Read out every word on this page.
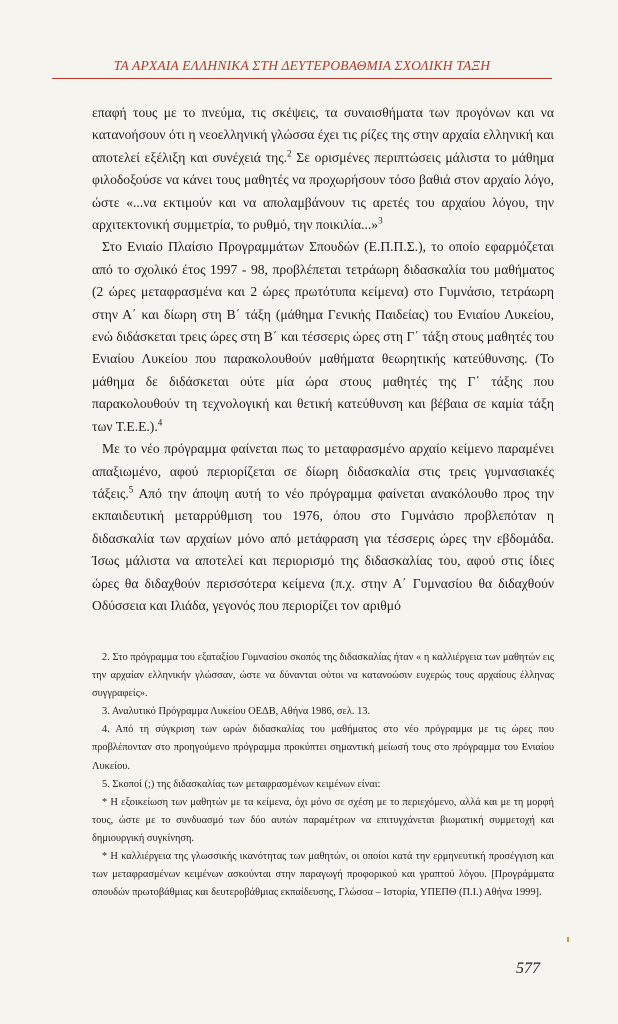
ΤΑ ΑΡΧΑΙΑ ΕΛΛΗΝΙΚΑ ΣΤΗ ΔΕΥΤΕΡΟΒΑΘΜΙΑ ΣΧΟΛΙΚΗ ΤΑΞΗ

επαφή τους με το πνεύμα, τις σκέψεις, τα συναισθήματα των προγόνων και να κατανοήσουν ότι η νεοελληνική γλώσσα έχει τις ρίζες της στην αρχαία ελληνική και αποτελεί εξέλιξη και συνέχειά της.$^2$ Σε ορισμένες περιπτώσεις μάλιστα το μάθημα φιλοδοξούσε να κάνει τους μαθητές να προχωρήσουν τόσο βαθιά στον αρχαίο λόγο, ώστε «...να εκτιμούν και να απολαμβάνουν τις αρετές του αρχαίου λόγου, την αρχιτεκτονική συμμετρία, το ρυθμό, την ποικιλία...»$^3$

Στο Ενιαίο Πλαίσιο Προγραμμάτων Σπουδών (Ε.Π.Π.Σ.), το οποίο εφαρμόζεται από το σχολικό έτος 1997 - 98, προβλέπεται τετράωρη διδασκαλία του μαθήματος (2 ώρες μεταφρασμένα και 2 ώρες πρωτότυπα κείμενα) στο Γυμνάσιο, τετράωρη στην Α΄ και δίωρη στη Β΄ τάξη (μάθημα Γενικής Παιδείας) του Ενιαίου Λυκείου, ενώ διδάσκεται τρεις ώρες στη Β΄ και τέσσερις ώρες στη Γ΄ τάξη στους μαθητές του Ενιαίου Λυκείου που παρακολουθούν μαθήματα θεωρητικής κατεύθυνσης. (Το μάθημα δε διδάσκεται ούτε μία ώρα στους μαθητές της Γ΄ τάξης που παρακολουθούν τη τεχνολογική και θετική κατεύθυνση και βέβαια σε καμία τάξη των Τ.Ε.Ε.).$^4$

Με το νέο πρόγραμμα φαίνεται πως το μεταφρασμένο αρχαίο κείμενο παραμένει απαξιωμένο, αφού περιορίζεται σε δίωρη διδασκαλία στις τρεις γυμνασιακές τάξεις.$^5$ Από την άποψη αυτή το νέο πρόγραμμα φαίνεται ανακόλουθο προς την εκπαιδευτική μεταρρύθμιση του 1976, όπου στο Γυμνάσιο προβλεπόταν η διδασκαλία των αρχαίων μόνο από μετάφραση για τέσσερις ώρες την εβδομάδα. Ίσως μάλιστα να αποτελεί και περιορισμό της διδασκαλίας του, αφού στις ίδιες ώρες θα διδαχθούν περισσότερα κείμενα (π.χ. στην Α΄ Γυμνασίου θα διδαχθούν Οδύσσεια και Ιλιάδα, γεγονός που περιορίζει τον αριθμό

2. Στο πρόγραμμα του εξαταξίου Γυμνασίου σκοπός της διδασκαλίας ήταν « η καλλιέργεια των μαθητών εις την αρχαίαν ελληνικήν γλώσσαν, ώστε να δύνανται ούτοι να κατανοώσιν ευχερώς τους αρχαίους έλληνας συγγραφείς».

3. Αναλυτικό Πρόγραμμα Λυκείου ΟΕΔΒ, Αθήνα 1986, σελ. 13.

4. Από τη σύγκριση των ωρών διδασκαλίας του μαθήματος στο νέο πρόγραμμα με τις ώρες που προβλέπονταν στο προηγούμενο πρόγραμμα προκύπτει σημαντική μείωσή τους στο πρόγραμμα του Ενιαίου Λυκείου.

5. Σκοποί (;) της διδασκαλίας των μεταφρασμένων κειμένων είναι:

* Η εξοικείωση των μαθητών με τα κείμενα, όχι μόνο σε σχέση με το περιεχόμενο, αλλά και με τη μορφή τους, ώστε με το συνδυασμό των δύο αυτών παραμέτρων να επιτυγχάνεται βιωματική συμμετοχή και δημιουργική συγκίνηση.

* Η καλλιέργεια της γλωσσικής ικανότητας των μαθητών, οι οποίοι κατά την ερμηνευτική προσέγγιση και των μεταφρασμένων κειμένων ασκούνται στην παραγωγή προφορικού και γραπτού λόγου. [Προγράμματα σπουδών πρωτοβάθμιας και δευτεροβάθμιας εκπαίδευσης, Γλώσσα – Ιστορία, ΥΠΕΠΘ (Π.Ι.) Αθήνα 1999].

577
